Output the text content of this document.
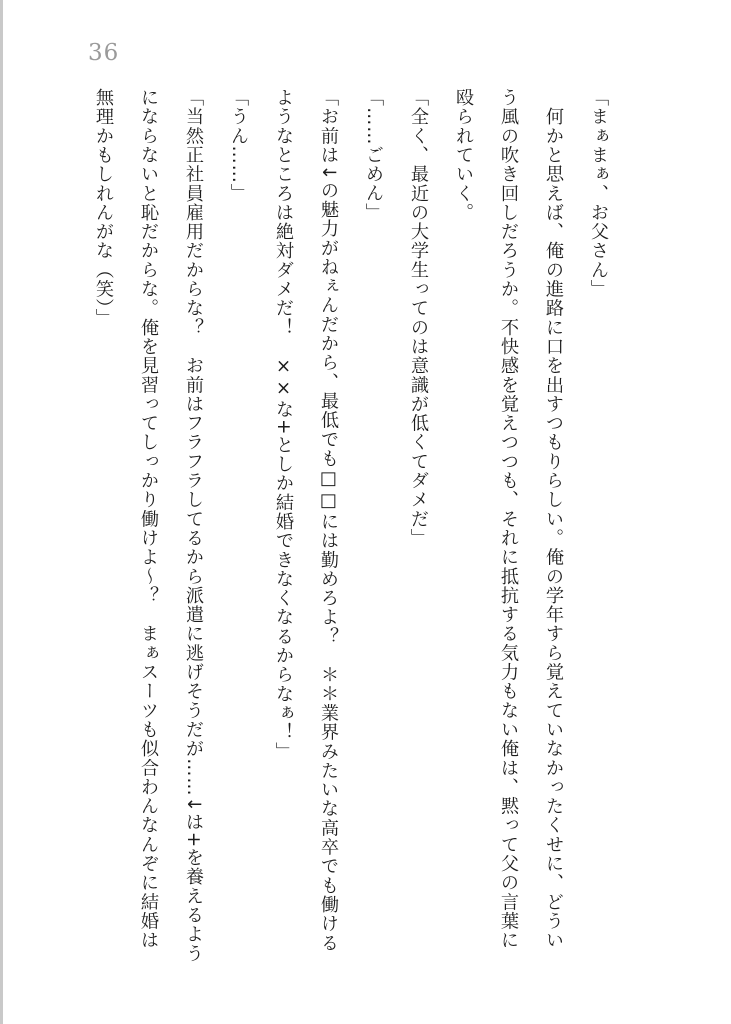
36

「まぁまぁ、お父さん」

　何かと思えば、俺の進路に口を出すつもりらしい。俺の学年すら覚えていなかったくせに、どういう風の吹き回しだろうか。不快感を覚えつつも、それに抵抗する気力もない俺は、黙って父の言葉に殴られていく。

「全く、最近の大学生ってのは意識が低くてダメだ」

「……ごめん」

「お前は↓の魅力がねぇんだから、最低でも□□には勤めろよ？　＊＊業界みたいな高卒でも働けるようなところは絶対ダメだ！　××な+としか結婚できなくなるからなぁ！」

「うん……」

「当然正社員雇用だからな？　お前はフラフラしてるから派遣に逃げそうだが……↓は+を養えるようにならないと恥だからな。俺を見習ってしっかり働けよ～？　まぁスーツも似合わんなんぞに結婚は無理かもしれんがな（笑）」
